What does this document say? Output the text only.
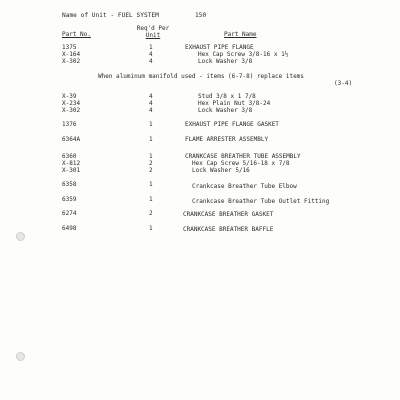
Name of Unit - FUEL SYSTEM	150
Part No.
Req'd Per
Unit	Part Name
1375	1	EXHAUST PIPE FLANGE
X-164	4	Hex Cap Screw 3/8-16 x 1½
X-302	4	Lock Washer 3/8
When aluminum manifold used - items (6-7-8) replace items
(3-4)
X-39	4	Stud 3/8 x 1 7/8
X-234	4	Hex Plain Nut 3/8-24
X-302	4	Lock Washer 3/8
1376	1	EXHAUST PIPE FLANGE GASKET
6364A	1	FLAME ARRESTER ASSEMBLY
6360	1	CRANKCASE BREATHER TUBE ASSEMBLY
X-812	2	Hex Cap Screw 5/16-18 x 7/8
X-301	2	Lock Washer 5/16
6358	1	Crankcase Breather Tube Elbow
6359	1	Crankcase Breather Tube Outlet Fitting
6274	2	CRANKCASE BREATHER GASKET
6498	1	CRANKCASE BREATHER BAFFLE
